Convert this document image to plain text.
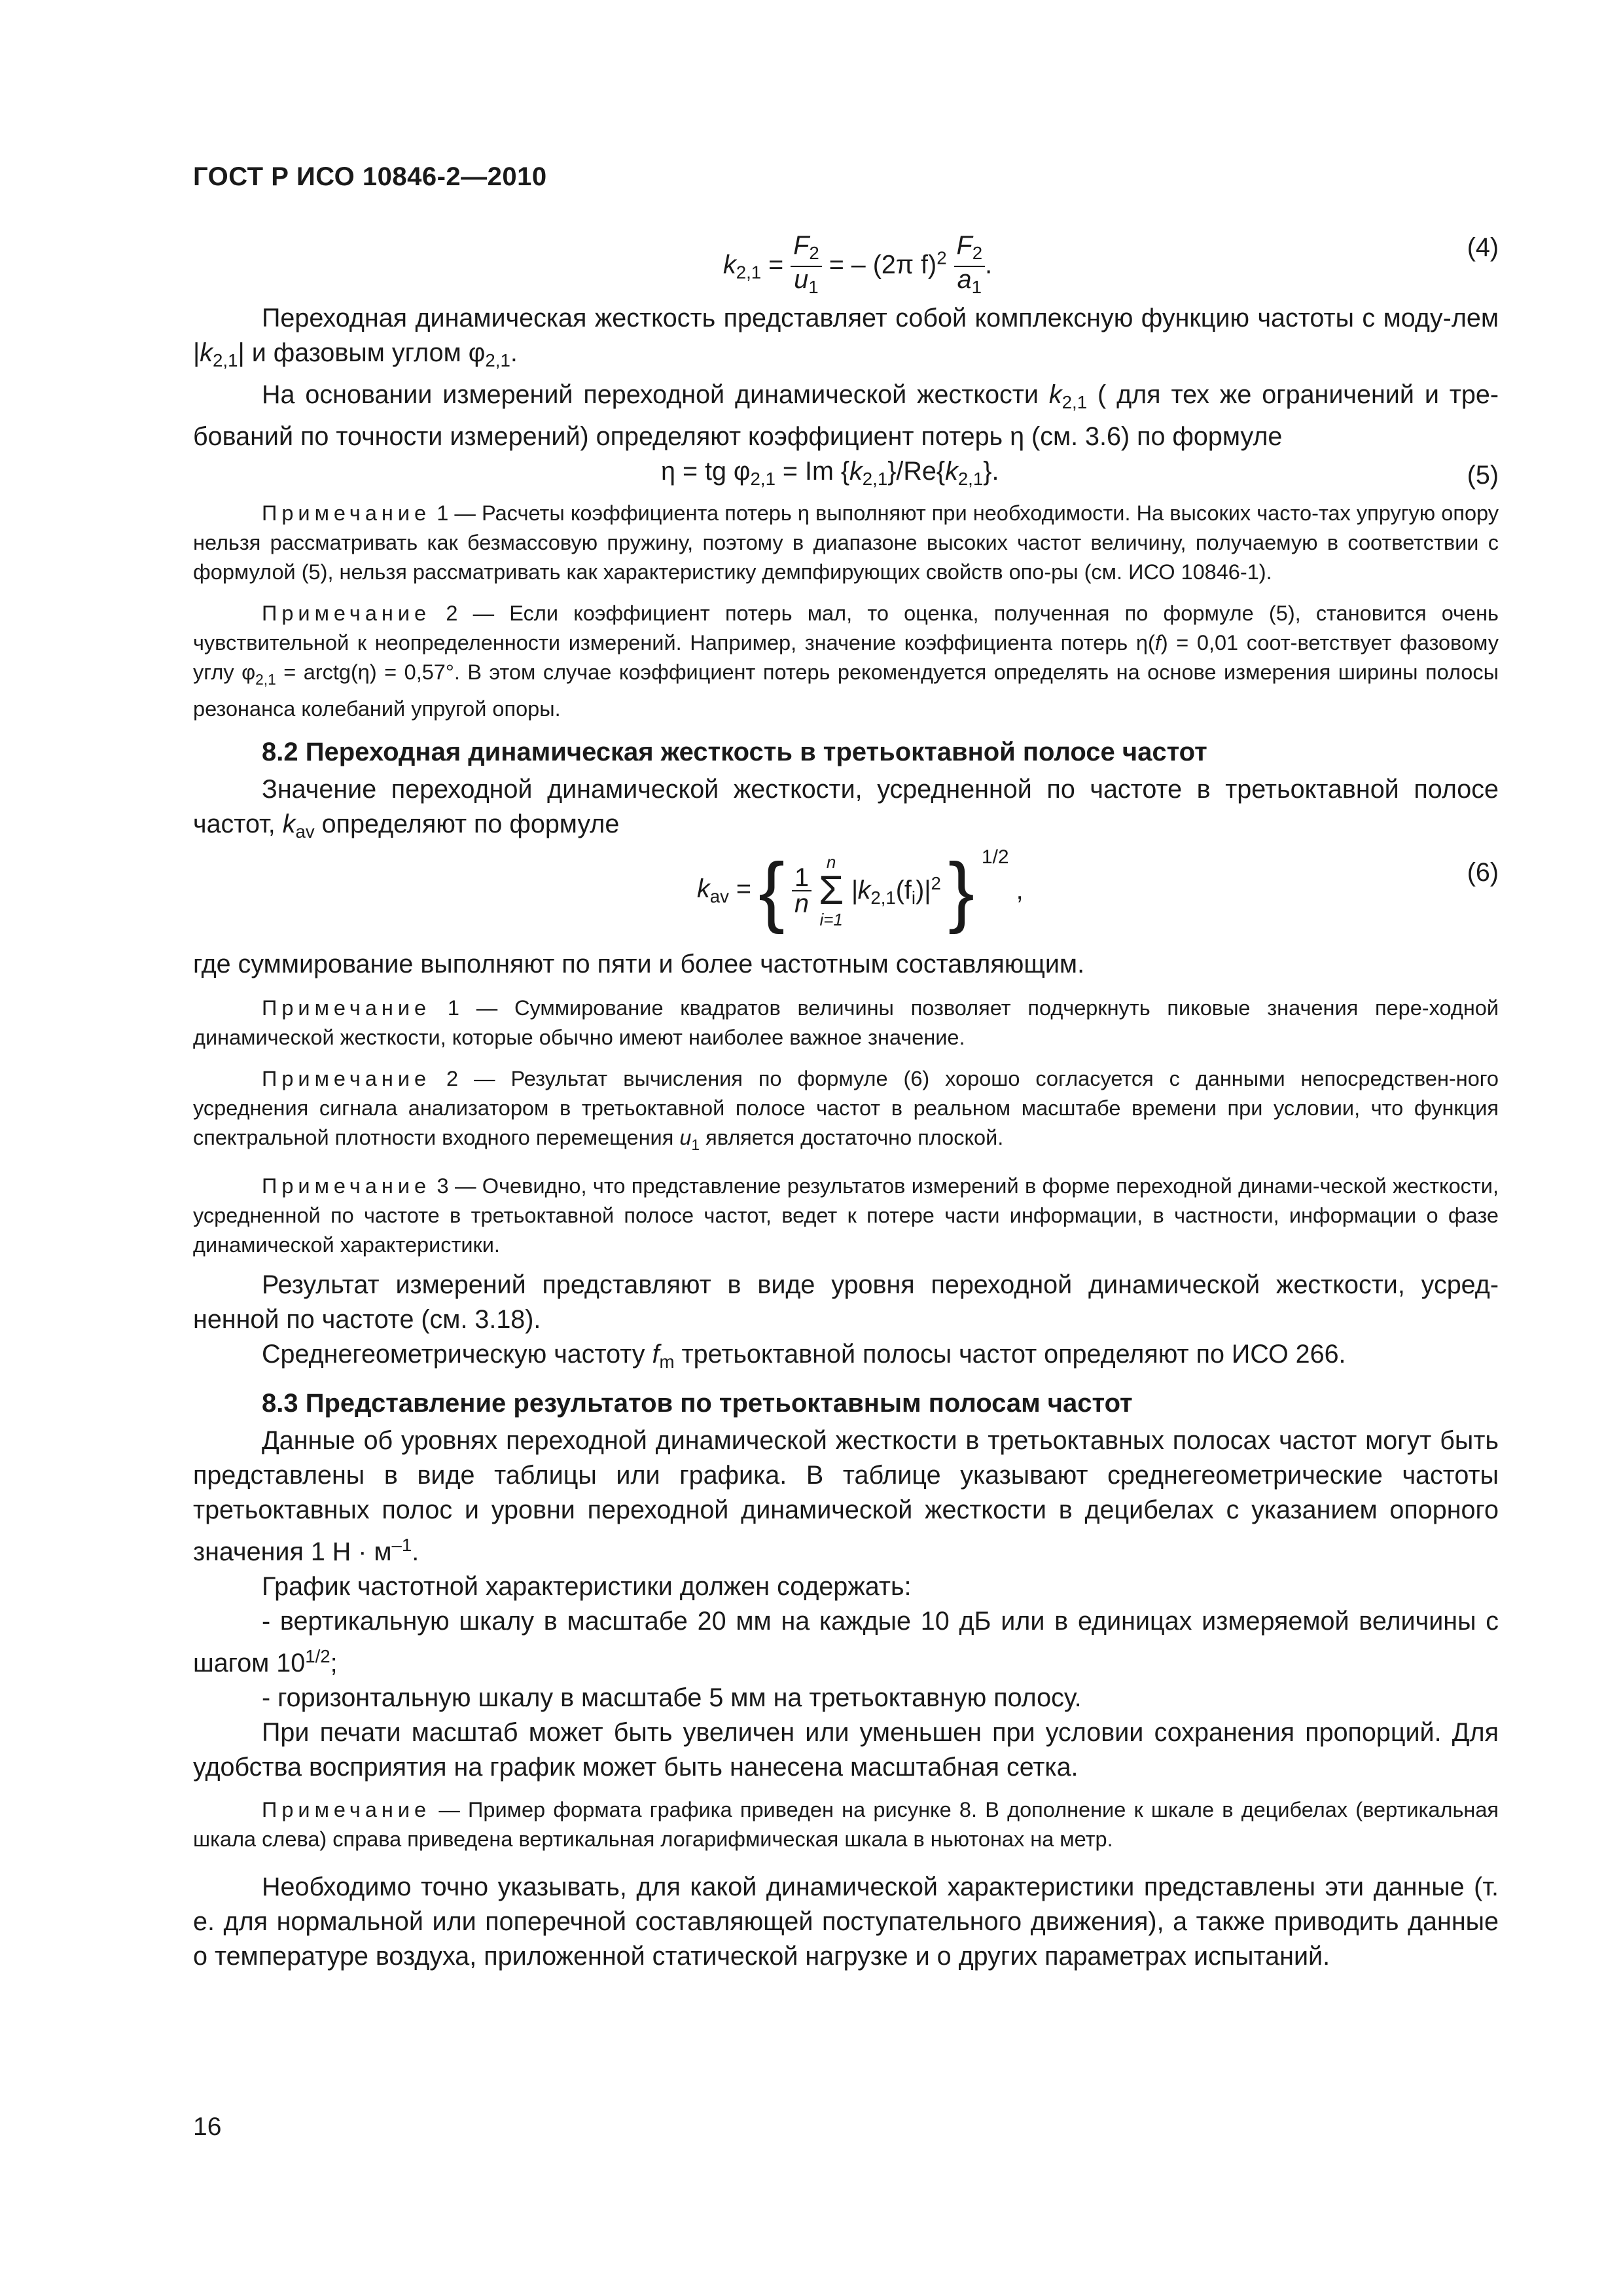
ГОСТ Р ИСО 10846-2—2010
$k_{2,1} = \frac{F_2}{u_1}$ = – (2π $f)^2 \frac{F_2}{a_1}$ .
(4)

Переходная динамическая жесткость представляет собой комплексную функцию частоты с моду-лем $|k_{2,1}|$ и фазовым углом $\varphi_{2,1}$.

На основании измерений переходной динамической жесткости $k_{2,1}$ ( для тех же ограничений и тре-бований по точности измерений) определяют коэффициент потерь η (см. 3.6) по формуле

η = tg $\varphi_{2,1} = Im$ $\{k_{2,1}\}/Re\{k_{2,1}\}$.	(5)

Примечание 1 — Расчеты коэффициента потерь η выполняют при необходимости. На высоких часто-тах упругую опору нельзя рассматривать как безмассовую пружину, поэтому в диапазоне высоких частот величину, получаемую в соответствии с формулой (5), нельзя рассматривать как характеристику демпфирующих свойств опо-ры (см. ИСО 10846-1).

Примечание 2 — Если коэффициент потерь мал, то оценка, полученная по формуле (5), становится очень чувствительной к неопределенности измерений. Например, значение коэффициента потерь η(f) = 0,01 соот-ветствует фазовому углу $\varphi_{2,1}$ = arctg(η) = 0,57°. В этом случае коэффициент потерь рекомендуется определять на основе измерения ширины полосы резонанса колебаний упругой опоры.

8.2 Переходная динамическая жесткость в третьоктавной полосе частот

Значение переходной динамической жесткости, усредненной по частоте в третьоктавной полосе частот, $k_{av}$ определяют по формуле

$k_{av}$ = { $\frac{1}{n}$

n
Σ
i=1
$|k_{2,1}(f_i)|^2$ } $^{1/2}$ ,
(6)

где суммирование выполняют по пяти и более частотным составляющим.

Примечание 1 — Суммирование квадратов величины позволяет подчеркнуть пиковые значения пере-ходной динамической жесткости, которые обычно имеют наиболее важное значение.

Примечание 2 — Результат вычисления по формуле (6) хорошо согласуется с данными непосредствен-ного усреднения сигнала анализатором в третьоктавной полосе частот в реальном масштабе времени при условии, что функция спектральной плотности входного перемещения $u_1$ является достаточно плоской.

Примечание 3 — Очевидно, что представление результатов измерений в форме переходной динами-ческой жесткости, усредненной по частоте в третьоктавной полосе частот, ведет к потере части информации, в частности, информации о фазе динамической характеристики.

Результат измерений представляют в виде уровня переходной динамической жесткости, усред-ненной по частоте (см. 3.18).

Среднегеометрическую частоту $f_m$ третьоктавной полосы частот определяют по ИСО 266.

8.3 Представление результатов по третьоктавным полосам частот

Данные об уровнях переходной динамической жесткости в третьоктавных полосах частот могут быть представлены в виде таблицы или графика. В таблице указывают среднегеометрические частоты третьоктавных полос и уровни переходной динамической жесткости в децибелах с указанием опорного значения 1 $Н \cdot м^{-1}$.

График частотной характеристики должен содержать:

- вертикальную шкалу в масштабе 20 мм на каждые 10 дБ или в единицах измеряемой величины с шагом $10^{1/2}$;

- горизонтальную шкалу в масштабе 5 мм на третьоктавную полосу.

При печати масштаб может быть увеличен или уменьшен при условии сохранения пропорций. Для удобства восприятия на график может быть нанесена масштабная сетка.

Примечание — Пример формата графика приведен на рисунке 8. В дополнение к шкале в децибелах (вертикальная шкала слева) справа приведена вертикальная логарифмическая шкала в ньютонах на метр.

Необходимо точно указывать, для какой динамической характеристики представлены эти данные (т. е. для нормальной или поперечной составляющей поступательного движения), а также приводить данные о температуре воздуха, приложенной статической нагрузке и о других параметрах испытаний.

16
